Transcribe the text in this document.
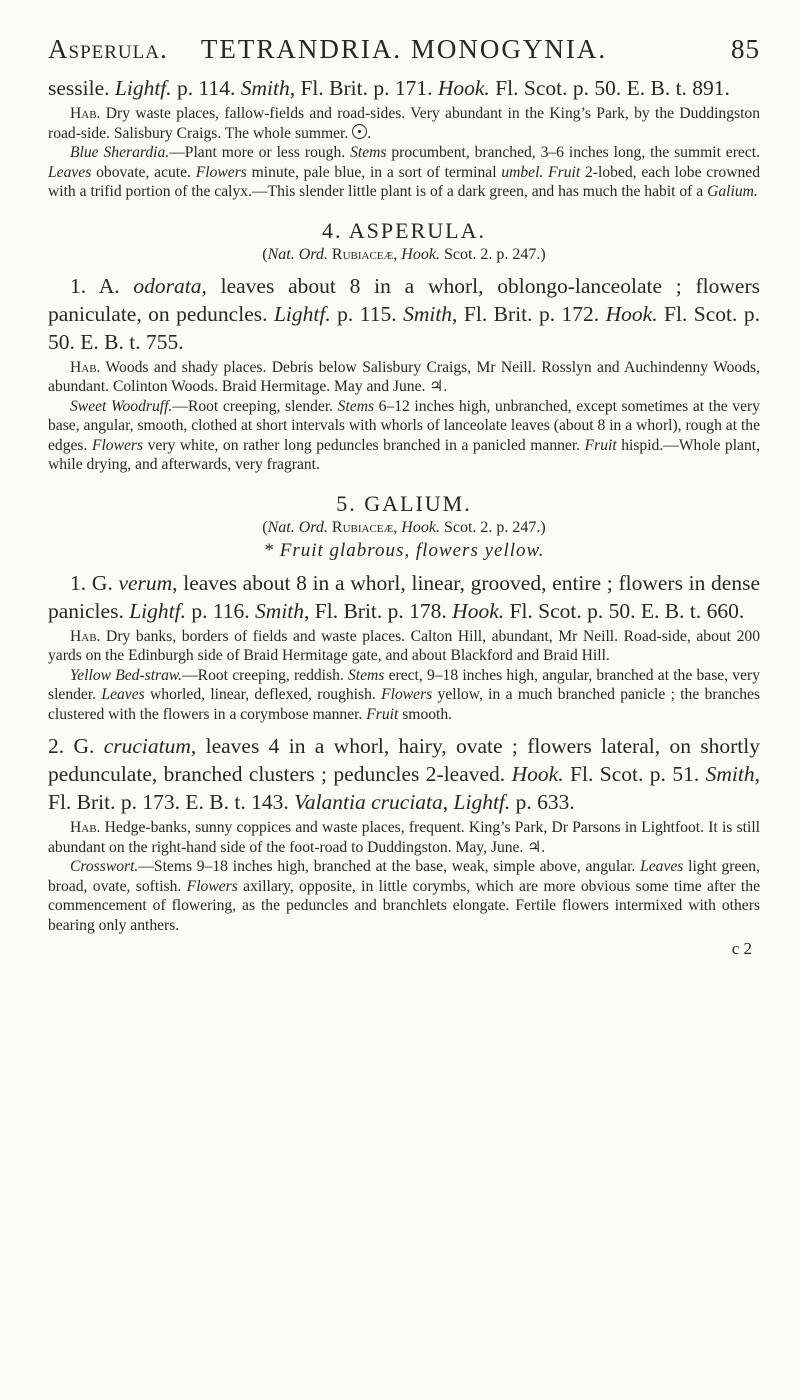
Asperula.	TETRANDRIA. MONOGYNIA.	85

sessile. Lightf. p. 114. Smith, Fl. Brit. p. 171. Hook. Fl. Scot. p. 50. E. B. t. 891.

Hab. Dry waste places, fallow-fields and road-sides. Very abundant in the King’s Park, by the Duddingston road-side. Salisbury Craigs. The whole summer. .

Blue Sherardia.—Plant more or less rough. Stems procumbent, branched, 3–6 inches long, the summit erect. Leaves obovate, acute. Flowers minute, pale blue, in a sort of terminal umbel. Fruit 2-lobed, each lobe crowned with a trifid portion of the calyx.—This slender little plant is of a dark green, and has much the habit of a Galium.

4. ASPERULA.

(Nat. Ord. Rubiaceæ, Hook. Scot. 2. p. 247.)

1. A. odorata, leaves about 8 in a whorl, oblongo-lanceolate ; flowers paniculate, on peduncles. Lightf. p. 115. Smith, Fl. Brit. p. 172. Hook. Fl. Scot. p. 50. E. B. t. 755.

Hab. Woods and shady places. Debris below Salisbury Craigs, Mr Neill. Rosslyn and Auchindenny Woods, abundant. Colinton Woods. Braid Hermitage. May and June. ♃.

Sweet Woodruff.—Root creeping, slender. Stems 6–12 inches high, unbranched, except sometimes at the very base, angular, smooth, clothed at short intervals with whorls of lanceolate leaves (about 8 in a whorl), rough at the edges. Flowers very white, on rather long peduncles branched in a panicled manner. Fruit hispid.—Whole plant, while drying, and afterwards, very fragrant.

5. GALIUM.

(Nat. Ord. Rubiaceæ, Hook. Scot. 2. p. 247.)

* Fruit glabrous, flowers yellow.

1. G. verum, leaves about 8 in a whorl, linear, grooved, entire ; flowers in dense panicles. Lightf. p. 116. Smith, Fl. Brit. p. 178. Hook. Fl. Scot. p. 50. E. B. t. 660.

Hab. Dry banks, borders of fields and waste places. Calton Hill, abundant, Mr Neill. Road-side, about 200 yards on the Edinburgh side of Braid Hermitage gate, and about Blackford and Braid Hill.

Yellow Bed-straw.—Root creeping, reddish. Stems erect, 9–18 inches high, angular, branched at the base, very slender. Leaves whorled, linear, deflexed, roughish. Flowers yellow, in a much branched panicle ; the branches clustered with the flowers in a corymbose manner. Fruit smooth.

2. G. cruciatum, leaves 4 in a whorl, hairy, ovate ; flowers lateral, on shortly pedunculate, branched clusters ; peduncles 2-leaved. Hook. Fl. Scot. p. 51. Smith, Fl. Brit. p. 173. E. B. t. 143. Valantia cruciata, Lightf. p. 633.

Hab. Hedge-banks, sunny coppices and waste places, frequent. King’s Park, Dr Parsons in Lightfoot. It is still abundant on the right-hand side of the foot-road to Duddingston. May, June. ♃.

Crosswort.—Stems 9–18 inches high, branched at the base, weak, simple above, angular. Leaves light green, broad, ovate, softish. Flowers axillary, opposite, in little corymbs, which are more obvious some time after the commencement of flowering, as the peduncles and branchlets elongate. Fertile flowers intermixed with others bearing only anthers.

c 2
